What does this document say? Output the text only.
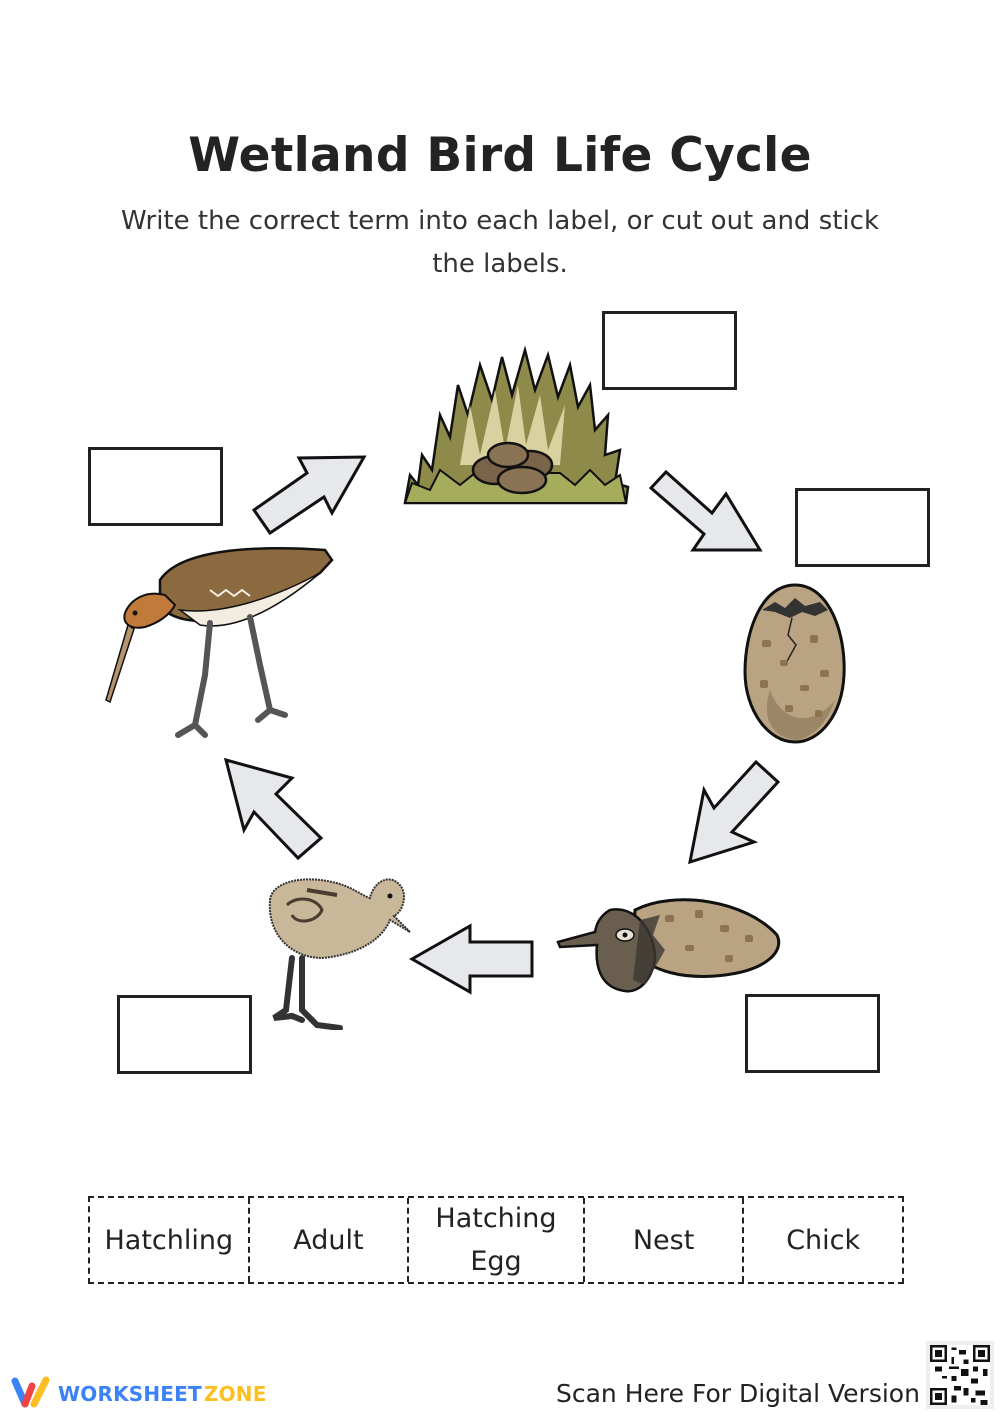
Wetland Bird Life Cycle
Write the correct term into each label, or cut out and stick the labels.
Hatchling	Adult
Hatching Egg
Nest	Chick
WORKSHEET ZONE	Scan Here For Digital Version
